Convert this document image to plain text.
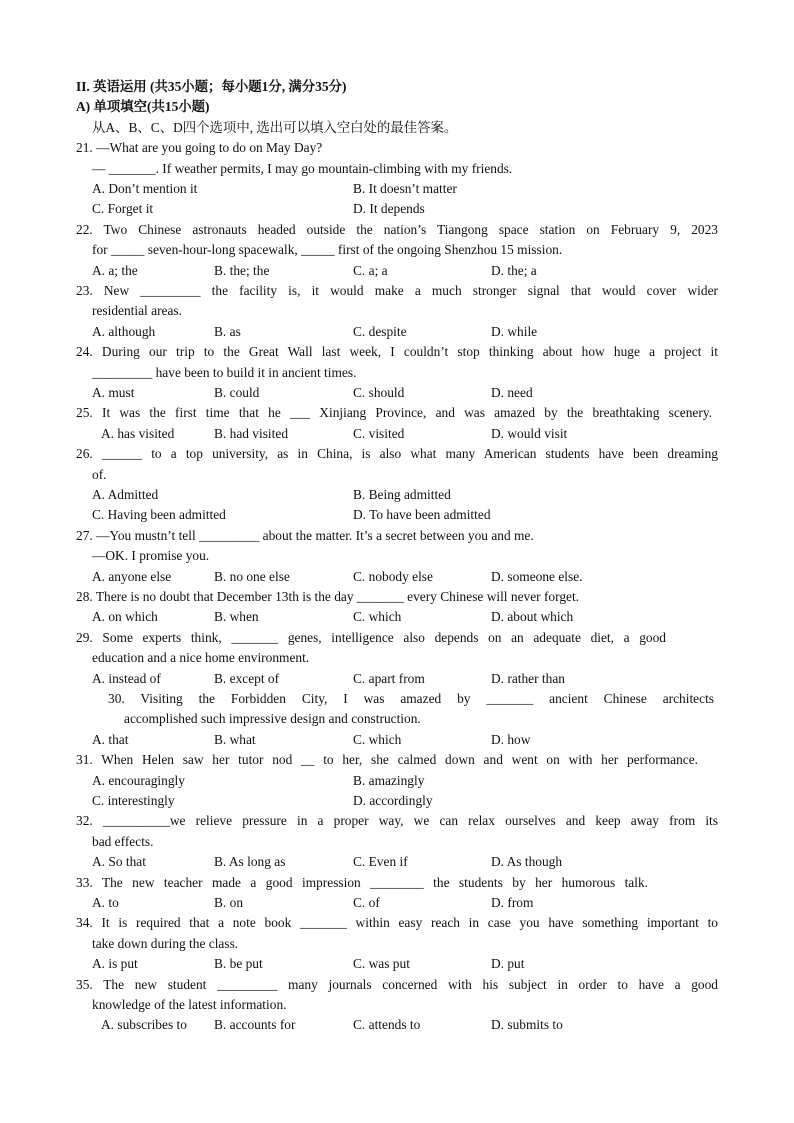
II. 英语运用 (共35小题；每小题1分, 满分35分)
A) 单项填空(共15小题)
从A、B、C、D四个选项中, 选出可以填入空白处的最佳答案。
21. —What are you going to do on May Day?
— _______. If weather permits, I may go mountain-climbing with my friends.
A. Don’t mention it	B. It doesn’t matter
C. Forget it	D. It depends
22. Two Chinese astronauts headed outside the nation’s Tiangong space station on February 9, 2023
for _____ seven-hour-long spacewalk, _____ first of the ongoing Shenzhou 15 mission.
A. a; the	B. the; the	C. a; a	D. the; a
23. New _________ the facility is, it would make a much stronger signal that would cover wider
residential areas.
A. although	B. as	C. despite	D. while
24. During our trip to the Great Wall last week, I couldn’t stop thinking about how huge a project it
_________ have been to build it in ancient times.
A. must	B. could	C. should	D. need
25. It was the first time that he ___ Xinjiang Province, and was amazed by the breathtaking scenery.
A. has visited	B. had visited	C. visited	D. would visit
26. ______ to a top university, as in China, is also what many American students have been dreaming
of.
A. Admitted	B. Being admitted
C. Having been admitted	D. To have been admitted
27. —You mustn’t tell _________ about the matter. It’s a secret between you and me.
—OK. I promise you.
A. anyone else	B. no one else	C. nobody else	D. someone else.
28. There is no doubt that December 13th is the day _______ every Chinese will never forget.
A. on which	B. when	C. which	D. about which
29. Some experts think, _______ genes, intelligence also depends on an adequate diet, a good
education and a nice home environment.
A. instead of	B. except of	C. apart from	D. rather than
30. Visiting the Forbidden City, I was amazed by _______ ancient Chinese architects
accomplished such impressive design and construction.
A. that	B. what	C. which	D. how
31. When Helen saw her tutor nod __ to her, she calmed down and went on with her performance.
A. encouragingly	B. amazingly
C. interestingly	D. accordingly
32. __________we relieve pressure in a proper way, we can relax ourselves and keep away from its
bad effects.
A. So that	B. As long as	C. Even if	D. As though
33. The new teacher made a good impression ________ the students by her humorous talk.
A. to	B. on	C. of	D. from
34. It is required that a note book _______ within easy reach in case you have something important to
take down during the class.
A. is put	B. be put	C. was put	D. put
35. The new student _________ many journals concerned with his subject in order to have a good
knowledge of the latest information.
A. subscribes to B. accounts for	C. attends to	D. submits to
